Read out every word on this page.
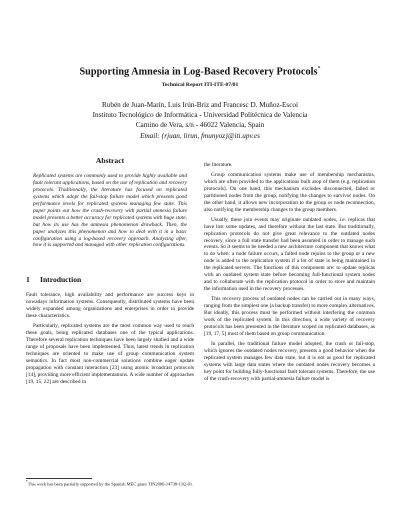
Supporting Amnesia in Log-Based Recovery Protocols*
Technical Report ITI-ITE-07/01
Rubén de Juan-Marín, Luis Irún-Briz and Francesc D. Muñoz-Escoí
Instituto Tecnológico de Informática - Universidad Politécnica de Valencia
Camino de Vera, s/n - 46022 Valencia, Spain
Email: {rjuan, lirun, fmunyoz}@iti.upv.es
Abstract

Replicated systems are commonly used to provide highly available and fault tolerant applications, based on the use of replication and recovery protocols. Traditionally, the literature has focused on replicated systems which adopt the fail-stop failure model which presents good performance levels for replicated systems managing few state. This paper points out how the crash-recovery with partial amnesia failure model presents a better accuracy for replicated systems with huge state, but how its use has the amnesia phenomenon drawback. Then, the paper analyzes this phenomenon and how to deal with it in a basic configuration using a log-based recovery approach. Analyzing after, how it is supported and managed with other replication configurations.

1 Introduction

Fault tolerance, high availability and performance are success keys in nowadays information systems. Consequently, distributed systems have been widely expanded among organizations and enterprises in order to provide these characteristics.

Particularly, replicated systems are the most common way used to reach these goals, being replicated databases one of the typical applications. Therefore several replication techniques have been largely studied and a wide range of proposals have been implemented. Thus, latest trends in replication techniques are oriented to make use of group communication system semantics. In fact most non-commercial solutions combine eager update propagation with constant interaction [23] using atomic broadcast protocols [14], providing more efficient implementations. A wide number of approaches [19, 15, 22] are described in

*This work has been partially supported by the Spanish MEC grant TIN2006-14738-C02-01.

the literature.

Group communication systems make use of membership mechanisms, which are often provided to the applications built atop of them (e.g. replication protocols). On one hand, this mechanism excludes disconnected, failed or partitioned nodes from the group, notifying the changes to survivor nodes. On the other hand, it allows new incorporation to the group or node reconnection, also notifying the membership changes to the group members.

Usually, these join events may originate outdated nodes, i.e. replicas that have lost some updates, and therefore without the last state. But traditionally, replication protocols do not give great relevance to the outdated nodes recovery, since a full state transfer had been assumed in order to manage such events. So it seems to be needed a new architecture component that knows what to do when: a node failure occurs, a failed node rejoins to the group or a new node is added to the replication system if a lot of state is being maintained in the replicated servers. The functions of this component are: to update replicas with an outdated system state before becoming full-functional system nodes and to collaborate with the replication protocol in order to store and maintain the information used in the recovery processes.

This recovery process of outdated nodes can be carried out in many ways, ranging from the simplest one (a backup transfer) to more complex alternatives. But ideally, this process must be performed without interfering the common work of the replicated system. In this direction, a wide variety of recovery protocols has been presented in the literature scoped on replicated databases, as [19, 17, 5] most of them based on group communication.

In parallel, the traditional failure model adopted, the crash or fail-stop, which ignores the outdated nodes recovery, presents a good behavior when the replicated system manages few data state, but it is not as good for replicated systems with large data states where the outdated nodes recovery becomes a key point for building fully-functional fault tolerant systems. Therefore, the use of the crash-recovery with partial-amnesia failure model is
